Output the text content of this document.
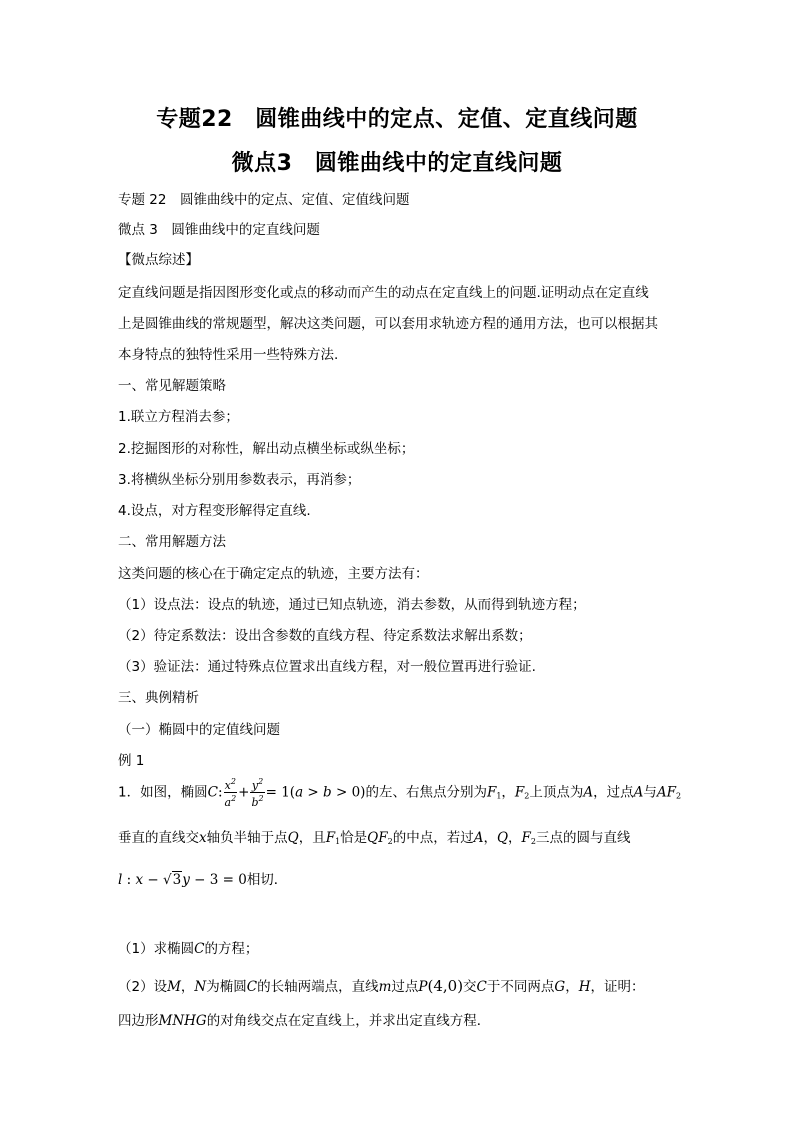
专题22　圆锥曲线中的定点、定值、定直线问题
微点3　圆锥曲线中的定直线问题
专题 22　圆锥曲线中的定点、定值、定值线问题
微点 3　圆锥曲线中的定直线问题
【微点综述】
定直线问题是指因图形变化或点的移动而产生的动点在定直线上的问题.证明动点在定直线
上是圆锥曲线的常规题型，解决这类问题，可以套用求轨迹方程的通用方法，也可以根据其
本身特点的独特性采用一些特殊方法.
一、常见解题策略
1.联立方程消去参；
2.挖掘图形的对称性，解出动点横坐标或纵坐标；
3.将横纵坐标分别用参数表示，再消参；
4.设点，对方程变形解得定直线.
二、常用解题方法
这类问题的核心在于确定定点的轨迹，主要方法有：
（1）设点法：设点的轨迹，通过已知点轨迹，消去参数，从而得到轨迹方程；
（2）待定系数法：设出含参数的直线方程、待定系数法求解出系数；
（3）验证法：通过特殊点位置求出直线方程，对一般位置再进行验证.
三、典例精析
（一）椭圆中的定值线问题
例 1
1．如图，椭圆C: $\frac{x^2}{a^2} + \frac{y^2}{b^2} = 1(a > b > 0)$的左、右焦点分别为$F_1$，$F_2$上顶点为A，过点A与$AF_2$
垂直的直线交x轴负半轴于点Q，且$F_1$恰是$QF_2$的中点，若过A，Q，$F_2$三点的圆与直线
l : x − √3y − 3 = 0相切．
（1）求椭圆C的方程；
（2）设M，N为椭圆C的长轴两端点，直线m过点P(4,0)交C于不同两点G，H，证明：
四边形MNHG的对角线交点在定直线上，并求出定直线方程．
